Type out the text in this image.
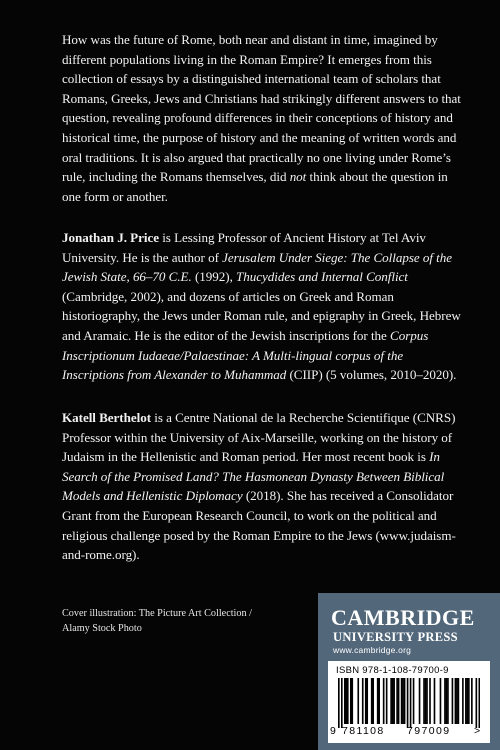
How was the future of Rome, both near and distant in time, imagined by different populations living in the Roman Empire? It emerges from this collection of essays by a distinguished international team of scholars that Romans, Greeks, Jews and Christians had strikingly different answers to that question, revealing profound differences in their conceptions of history and historical time, the purpose of history and the meaning of written words and oral traditions. It is also argued that practically no one living under Rome’s rule, including the Romans themselves, did not think about the question in one form or another.

Jonathan J. Price is Lessing Professor of Ancient History at Tel Aviv University. He is the author of Jerusalem Under Siege: The Collapse of the Jewish State, 66–70 C.E. (1992), Thucydides and Internal Conflict (Cambridge, 2002), and dozens of articles on Greek and Roman historiography, the Jews under Roman rule, and epigraphy in Greek, Hebrew and Aramaic. He is the editor of the Jewish inscriptions for the Corpus Inscriptionum Iudaeae/Palaestinae: A Multi-lingual corpus of the Inscriptions from Alexander to Muhammad (CIIP) (5 volumes, 2010–2020).

Katell Berthelot is a Centre National de la Recherche Scientifique (CNRS) Professor within the University of Aix-Marseille, working on the history of Judaism in the Hellenistic and Roman period. Her most recent book is In Search of the Promised Land? The Hasmonean Dynasty Between Biblical Models and Hellenistic Diplomacy (2018). She has received a Consolidator Grant from the European Research Council, to work on the political and religious challenge posed by the Roman Empire to the Jews (www.judaism-and-rome.org).

Cover illustration: The Picture Art Collection /
Alamy Stock Photo	CAMBRIDGE
UNIVERSITY PRESS
www.cambridge.org
ISBN 978-1-108-79700-9
9 781108 797009 >
